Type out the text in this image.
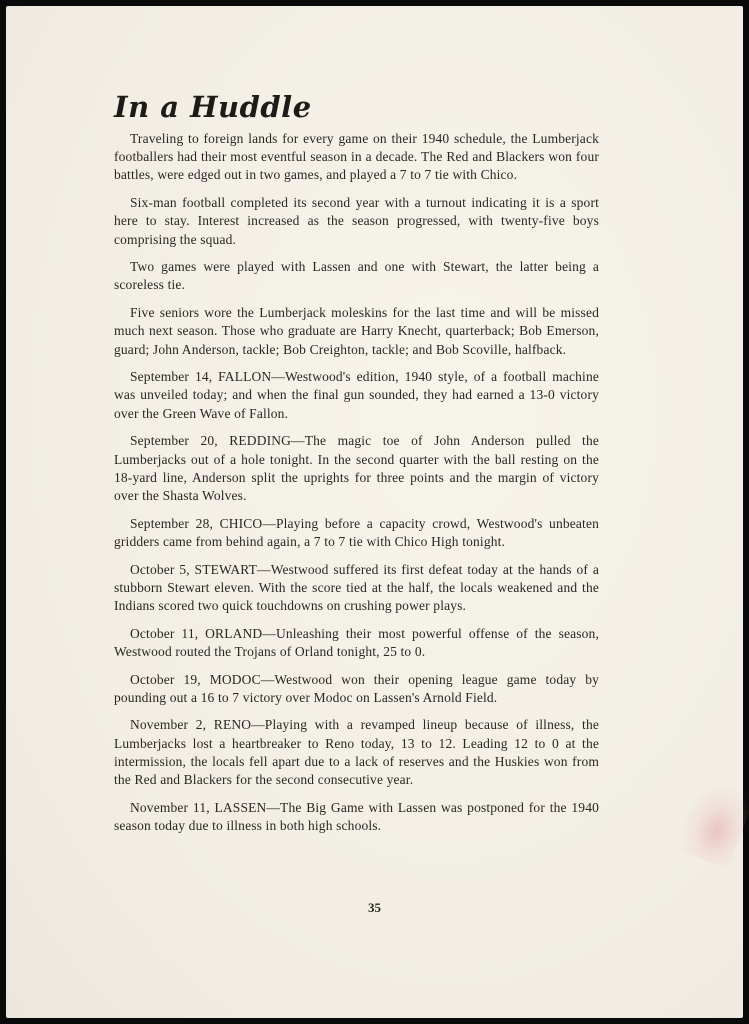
In a Huddle

Traveling to foreign lands for every game on their 1940 schedule, the Lumberjack footballers had their most eventful season in a decade. The Red and Blackers won four battles, were edged out in two games, and played a 7 to 7 tie with Chico.

Six-man football completed its second year with a turnout indicating it is a sport here to stay. Interest increased as the season progressed, with twenty-five boys comprising the squad.

Two games were played with Lassen and one with Stewart, the latter being a scoreless tie.

Five seniors wore the Lumberjack moleskins for the last time and will be missed much next season. Those who graduate are Harry Knecht, quarterback; Bob Emerson, guard; John Anderson, tackle; Bob Creighton, tackle; and Bob Scoville, halfback.

September 14, FALLON—Westwood's edition, 1940 style, of a football machine was unveiled today; and when the final gun sounded, they had earned a 13-0 victory over the Green Wave of Fallon.

September 20, REDDING—The magic toe of John Anderson pulled the Lumberjacks out of a hole tonight. In the second quarter with the ball resting on the 18-yard line, Anderson split the uprights for three points and the margin of victory over the Shasta Wolves.

September 28, CHICO—Playing before a capacity crowd, Westwood's unbeaten gridders came from behind again, a 7 to 7 tie with Chico High tonight.

October 5, STEWART—Westwood suffered its first defeat today at the hands of a stubborn Stewart eleven. With the score tied at the half, the locals weakened and the Indians scored two quick touchdowns on crushing power plays.

October 11, ORLAND—Unleashing their most powerful offense of the season, Westwood routed the Trojans of Orland tonight, 25 to 0.

October 19, MODOC—Westwood won their opening league game today by pounding out a 16 to 7 victory over Modoc on Lassen's Arnold Field.

November 2, RENO—Playing with a revamped lineup because of illness, the Lumberjacks lost a heartbreaker to Reno today, 13 to 12. Leading 12 to 0 at the intermission, the locals fell apart due to a lack of reserves and the Huskies won from the Red and Blackers for the second consecutive year.

November 11, LASSEN—The Big Game with Lassen was postponed for the 1940 season today due to illness in both high schools.

35
